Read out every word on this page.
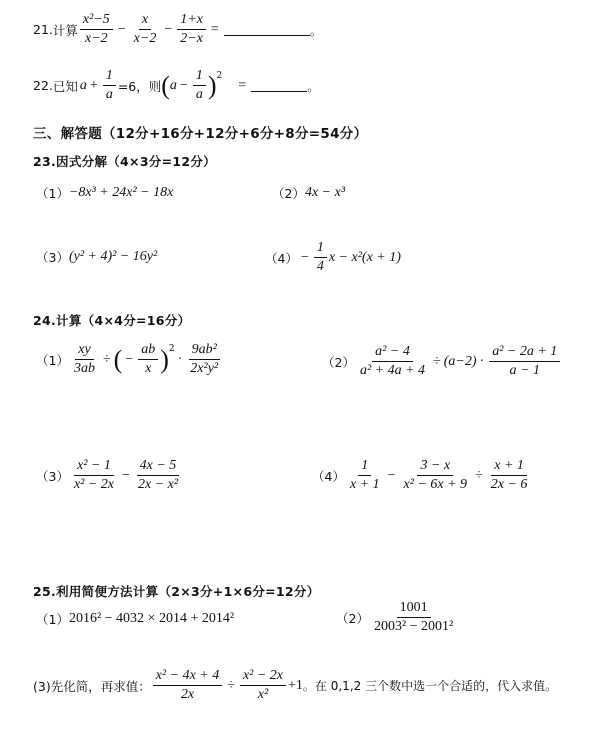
21. 计算 $\frac{\text{x²−5}}{x-2} - \frac{x}{x-2} - \frac{1+x}{2-x}$ =	。
22. 已知 $a + \frac{1}{a} =6$，则 ( $a - \frac{1}{a}$ ) 2
=	。
三、解答题（12分+16分+12分+6分+8分=54分）
23.因式分解（4×3分=12分）
（1） −8x³ + 24x² − 18x	（2） 4x − x³
（3） (y² + 4)² − 16y²	$(4) - \frac{1}{4}$ x − x²(x + 1)
24.计算（4×4分=16分）
$(1) \frac{xy}{3ab}$ ÷ ( − $\frac{ab}{x}$ ) 2
· $\frac{\text{9ab²}}{\text{2x²y²}}$	$(2) \frac{\text{a² − 4}}{\text{a² + 4a + 4}} \div (a-2) \cdot \frac{\text{a² − 2a + 1}}{a - 1}$
$(3) \frac{\text{x² − 1}}{\text{x² − 2x}} - \frac{4x - 5}{\text{2x − x²}}$	$(4) \frac{1}{x + 1} - \frac{3 - x}{\text{x² − 6x + 9}} \div \frac{x + 1}{2x - 6}$
25.利用简便方法计算（2×3分+1×6分=12分）
（1） 2016² − 4032 × 2014 + 2014²	$(2) \frac{1001}{\text{2003² − 2001²}}$
(3)先化简，再求值： $\frac{\text{x² − 4x + 4}}{2x} \div \frac{\text{x² − 2x}}{\text{x²}} +1$ 。在 0,1,2 三个数中选一个合适的，代入求值。
